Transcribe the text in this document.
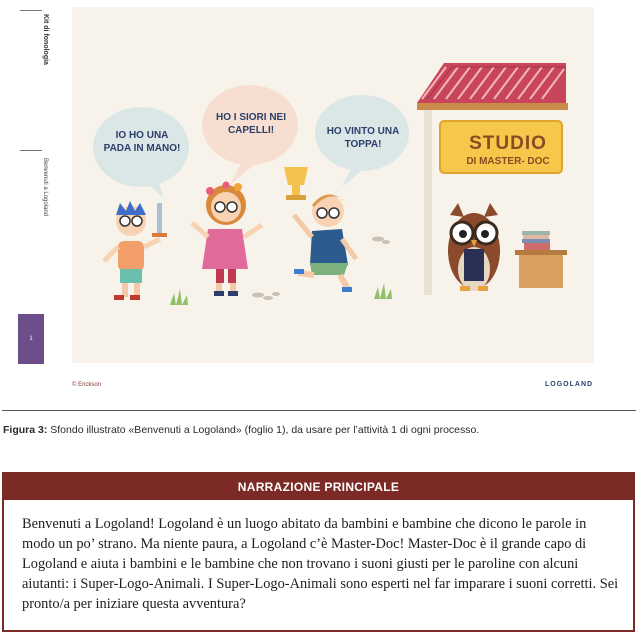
Kit di fonologia
Benvenuti a Logoland
1
IO HO UNA PADA IN MANO!
HO I SIORI NEI CAPELLI!	HO VINTO UNA TOPPA!	STUDIO
DI MASTER- DOC
© Erickson	LOGOLAND
Figura 3: Sfondo illustrato «Benvenuti a Logoland» (foglio 1), da usare per l’attività 1 di ogni processo.
NARRAZIONE PRINCIPALE
Benvenuti a Logoland! Logoland è un luogo abitato da bambini e bambine che dicono le parole in modo un po’ strano. Ma niente paura, a Logoland c’è Master-Doc! Master-Doc è il grande capo di Logoland e aiuta i bambini e le bambine che non trovano i suoni giusti per le paroline con alcuni aiutanti: i Super-Logo-Animali. I Super-Logo-Animali sono esperti nel far imparare i suoni corretti. Sei pronto/a per iniziare questa avventura?
